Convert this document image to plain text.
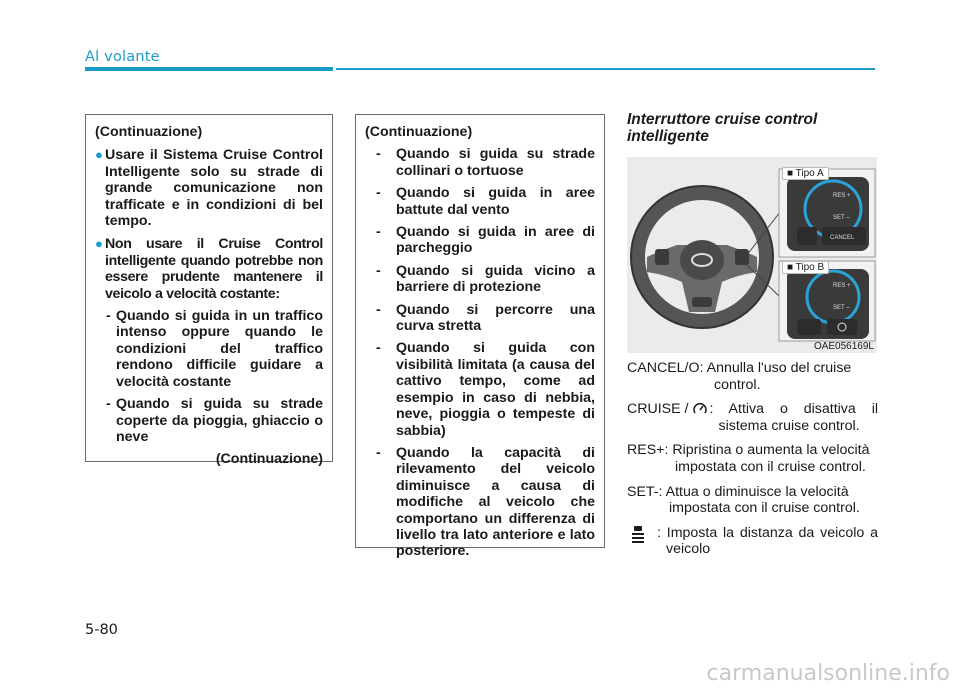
Al volante

(Continuazione)

● Usare il Sistema Cruise Control Intelligente solo su strade di grande comunicazione non trafficate e in condizioni di bel tempo.

● Non usare il Cruise Control intelligente quando potrebbe non essere prudente mantenere il veicolo a velocità costante:

- Quando si guida in un traffico intenso oppure quando le condizioni del traffico rendono difficile guidare a velocità costante

- Quando si guida su strade coperte da pioggia, ghiaccio o neve

(Continuazione)

(Continuazione)

- Quando si guida su strade collinari o tortuose

- Quando si guida in aree battute dal vento

- Quando si guida in aree di parcheggio

- Quando si guida vicino a barriere di protezione

- Quando si percorre una curva stretta

- Quando si guida con visibilità limitata (a causa del cattivo tempo, come ad esempio in caso di nebbia, neve, pioggia o tempeste di sabbia)

- Quando la capacità di rilevamento del veicolo diminuisce a causa di modifiche al veicolo che comportano un differenza di livello tra lato anteriore e lato posteriore.

Interruttore cruise control intelligente
CANCEL
RES +
SET –
RES +
SET –
■ Tipo A
■ Tipo B
OAE056169L
CANCEL/O: Annulla l'uso del cruise control.
CRUISE / : Attiva o disattiva il sistema cruise control.
RES+: Ripristina o aumenta la velocità impostata con il cruise control.
SET-: Attua o diminuisce la velocità impostata con il cruise control.
: Imposta la distanza da veicolo a veicolo
5-80
carmanualsonline.info
